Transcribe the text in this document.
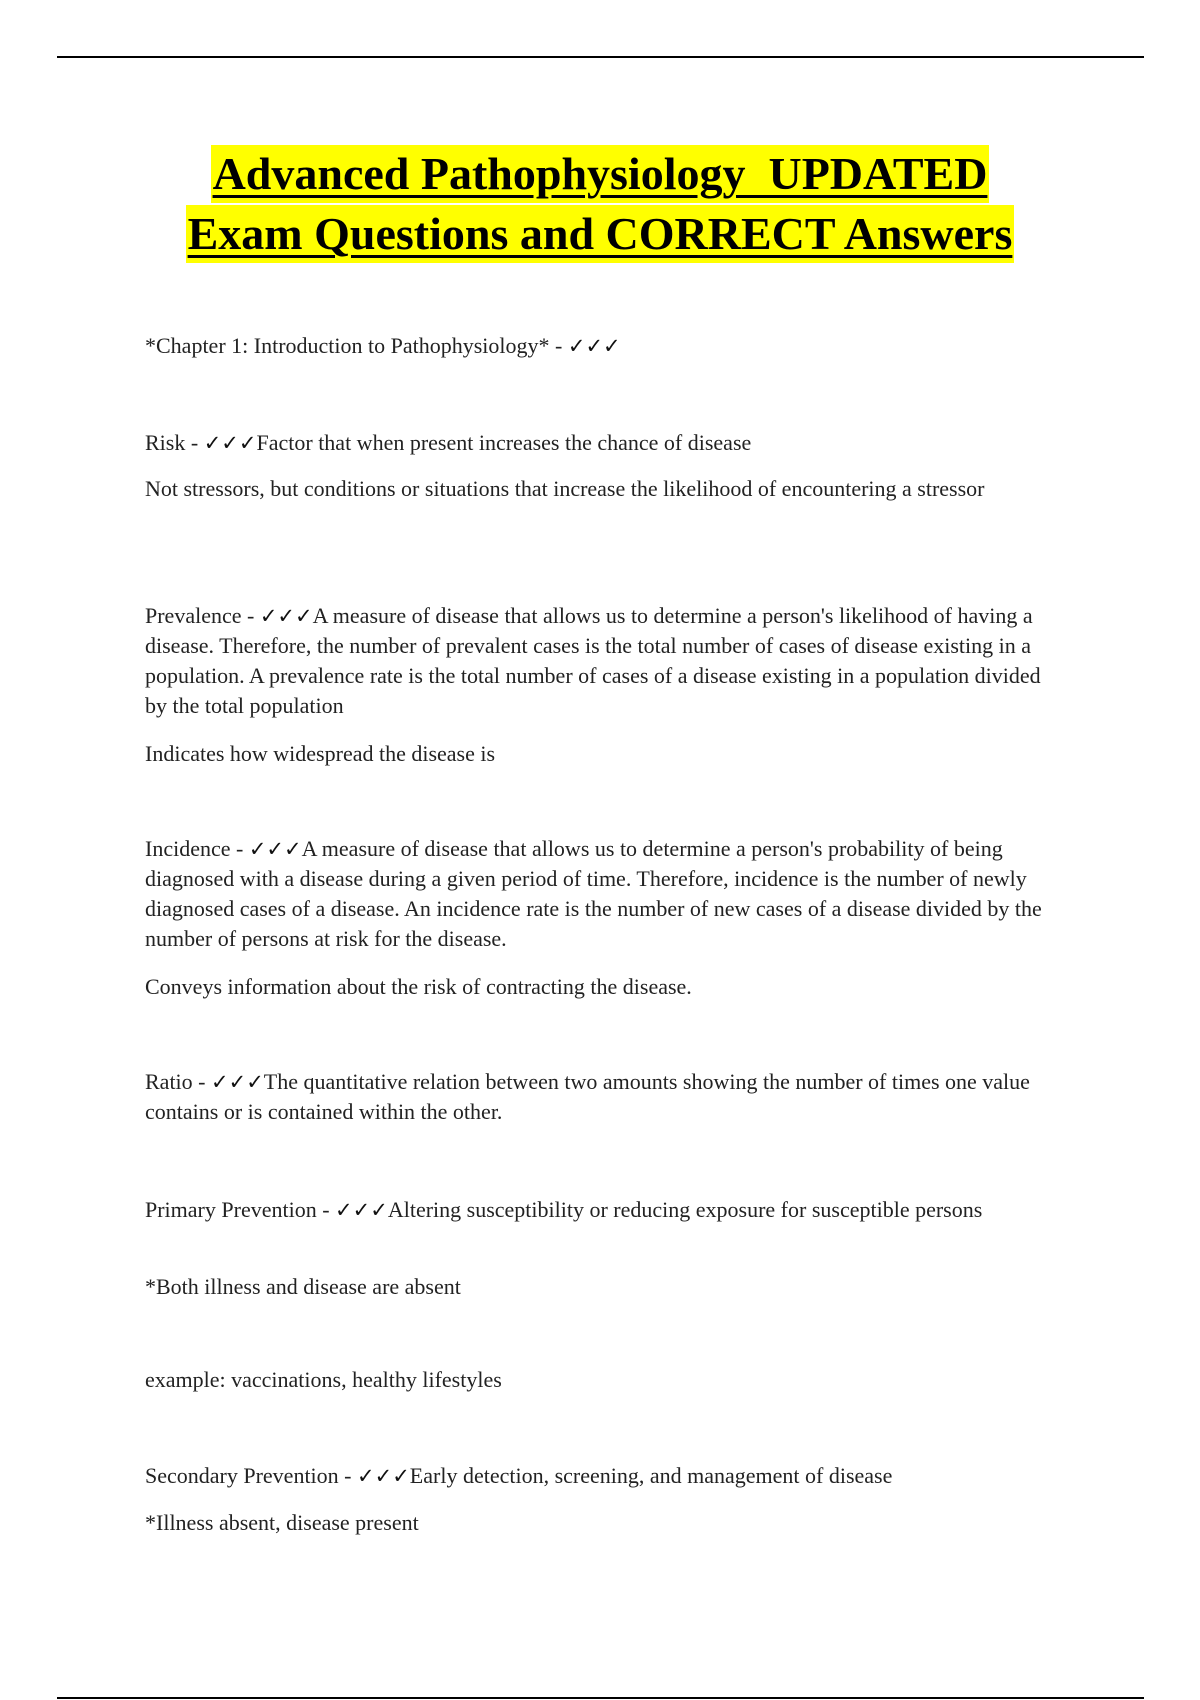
Advanced Pathophysiology  UPDATED
Exam Questions and CORRECT Answers

*Chapter 1: Introduction to Pathophysiology* - ✓✓✓

Risk - ✓✓✓Factor that when present increases the chance of disease

Not stressors, but conditions or situations that increase the likelihood of encountering a stressor

Prevalence - ✓✓✓A measure of disease that allows us to determine a person's likelihood of having a disease. Therefore, the number of prevalent cases is the total number of cases of disease existing in a population. A prevalence rate is the total number of cases of a disease existing in a population divided by the total population

Indicates how widespread the disease is

Incidence - ✓✓✓A measure of disease that allows us to determine a person's probability of being diagnosed with a disease during a given period of time. Therefore, incidence is the number of newly diagnosed cases of a disease. An incidence rate is the number of new cases of a disease divided by the number of persons at risk for the disease.

Conveys information about the risk of contracting the disease.

Ratio - ✓✓✓The quantitative relation between two amounts showing the number of times one value contains or is contained within the other.

Primary Prevention - ✓✓✓Altering susceptibility or reducing exposure for susceptible persons

*Both illness and disease are absent

example: vaccinations, healthy lifestyles

Secondary Prevention - ✓✓✓Early detection, screening, and management of disease

*Illness absent, disease present
